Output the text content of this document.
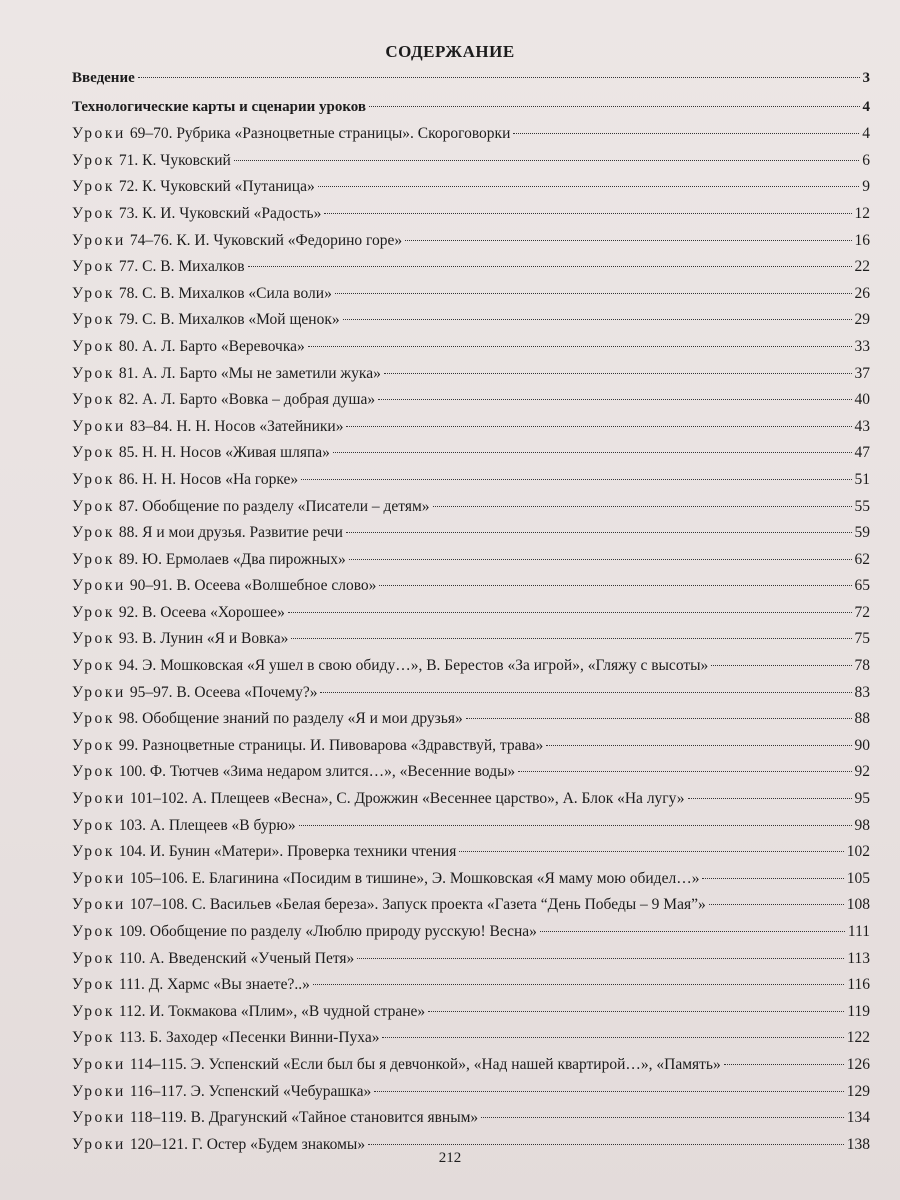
СОДЕРЖАНИЕ
Введение	3
Технологические карты и сценарии уроков	4
Уроки 69–70. Рубрика «Разноцветные страницы». Скороговорки	4
Урок 71. К. Чуковский	6
Урок 72. К. Чуковский «Путаница»	9
Урок 73. К. И. Чуковский «Радость»	12
Уроки 74–76. К. И. Чуковский «Федорино горе»	16
Урок 77. С. В. Михалков	22
Урок 78. С. В. Михалков «Сила воли»	26
Урок 79. С. В. Михалков «Мой щенок»	29
Урок 80. А. Л. Барто «Веревочка»	33
Урок 81. А. Л. Барто «Мы не заметили жука»	37
Урок 82. А. Л. Барто «Вовка – добрая душа»	40
Уроки 83–84. Н. Н. Носов «Затейники»	43
Урок 85. Н. Н. Носов «Живая шляпа»	47
Урок 86. Н. Н. Носов «На горке»	51
Урок 87. Обобщение по разделу «Писатели – детям»	55
Урок 88. Я и мои друзья. Развитие речи	59
Урок 89. Ю. Ермолаев «Два пирожных»	62
Уроки 90–91. В. Осеева «Волшебное слово»	65
Урок 92. В. Осеева «Хорошее»	72
Урок 93. В. Лунин «Я и Вовка»	75
Урок 94. Э. Мошковская «Я ушел в свою обиду…», В. Берестов «За игрой», «Гляжу с высоты»	78
Уроки 95–97. В. Осеева «Почему?»	83
Урок 98. Обобщение знаний по разделу «Я и мои друзья»	88
Урок 99. Разноцветные страницы. И. Пивоварова «Здравствуй, трава»	90
Урок 100. Ф. Тютчев «Зима недаром злится…», «Весенние воды»	92
Уроки 101–102. А. Плещеев «Весна», С. Дрожжин «Весеннее царство», А. Блок «На лугу»	95
Урок 103. А. Плещеев «В бурю»	98
Урок 104. И. Бунин «Матери». Проверка техники чтения	102
Уроки 105–106. Е. Благинина «Посидим в тишине», Э. Мошковская «Я маму мою обидел…»	105
Уроки 107–108. С. Васильев «Белая береза». Запуск проекта «Газета “День Победы – 9 Мая”»	108
Урок 109. Обобщение по разделу «Люблю природу русскую! Весна»	111
Урок 110. А. Введенский «Ученый Петя»	113
Урок 111. Д. Хармс «Вы знаете?..»	116
Урок 112. И. Токмакова «Плим», «В чудной стране»	119
Урок 113. Б. Заходер «Песенки Винни-Пуха»	122
Уроки 114–115. Э. Успенский «Если был бы я девчонкой», «Над нашей квартирой…», «Память»	126
Уроки 116–117. Э. Успенский «Чебурашка»	129
Уроки 118–119. В. Драгунский «Тайное становится явным»	134
Уроки 120–121. Г. Остер «Будем знакомы»	138
212
